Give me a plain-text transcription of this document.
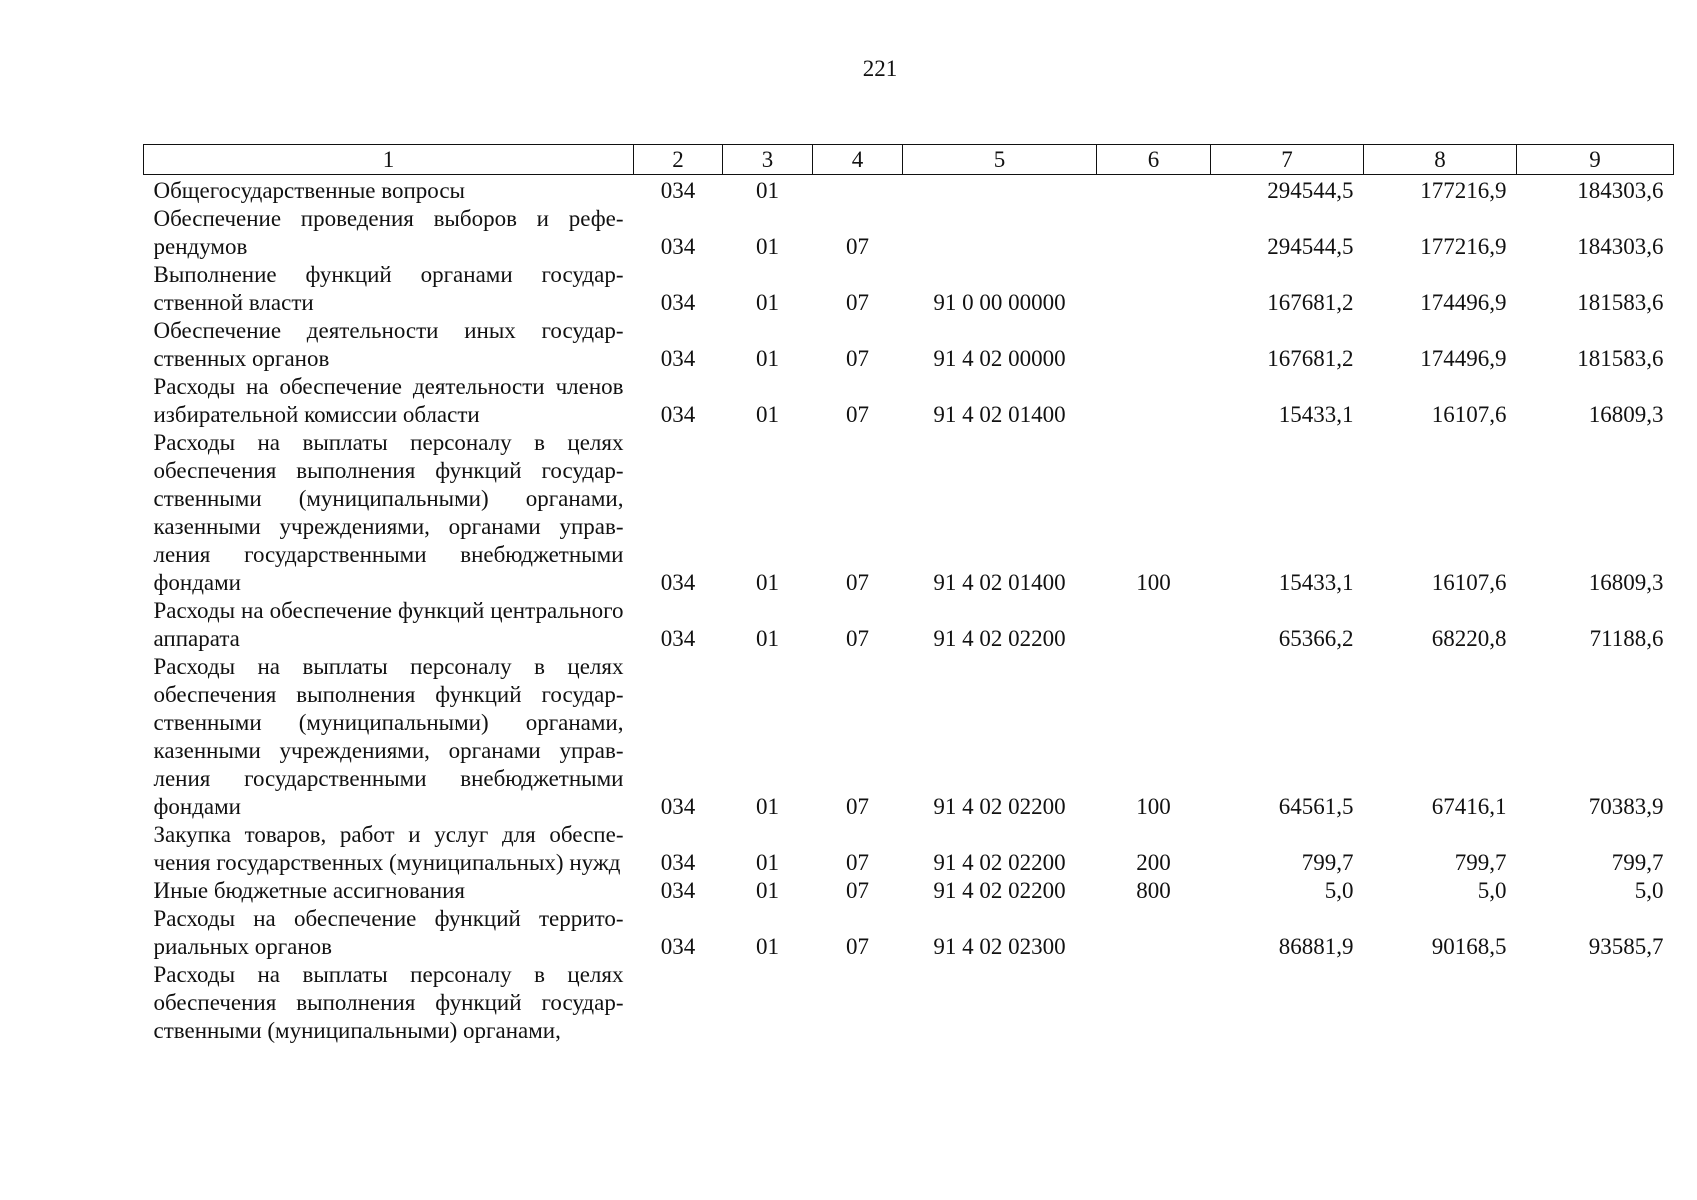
221
1	2	3	4	5	6	7	8	9
Общегосударственные вопросы	034	01				294544,5	177216,9	184303,6
Обеспечение проведения выборов и референдумов	034	01	07			294544,5	177216,9	184303,6
Выполнение функций органами государственной власти	034	01	07	91 0 00 00000		167681,2	174496,9	181583,6
Обеспечение деятельности иных государственных органов	034	01	07	91 4 02 00000		167681,2	174496,9	181583,6
Расходы на обеспечение деятельности членов избирательной комиссии области	034	01	07	91 4 02 01400		15433,1	16107,6	16809,3
Расходы на выплаты персоналу в целях обеспечения выполнения функций государственными (муниципальными) органами, казенными учреждениями, органами управления государственными внебюджетными фондами	034	01	07	91 4 02 01400	100	15433,1	16107,6	16809,3
Расходы на обеспечение функций центрального аппарата	034	01	07	91 4 02 02200		65366,2	68220,8	71188,6
Расходы на выплаты персоналу в целях обеспечения выполнения функций государственными (муниципальными) органами, казенными учреждениями, органами управления государственными внебюджетными фондами	034	01	07	91 4 02 02200	100	64561,5	67416,1	70383,9
Закупка товаров, работ и услуг для обеспечения государственных (муниципальных) нужд	034	01	07	91 4 02 02200	200	799,7	799,7	799,7
Иные бюджетные ассигнования	034	01	07	91 4 02 02200	800	5,0	5,0	5,0
Расходы на обеспечение функций территориальных органов	034	01	07	91 4 02 02300		86881,9	90168,5	93585,7
Расходы на выплаты персоналу в целях обеспечения выполнения функций государственными (муниципальными) органами,								
